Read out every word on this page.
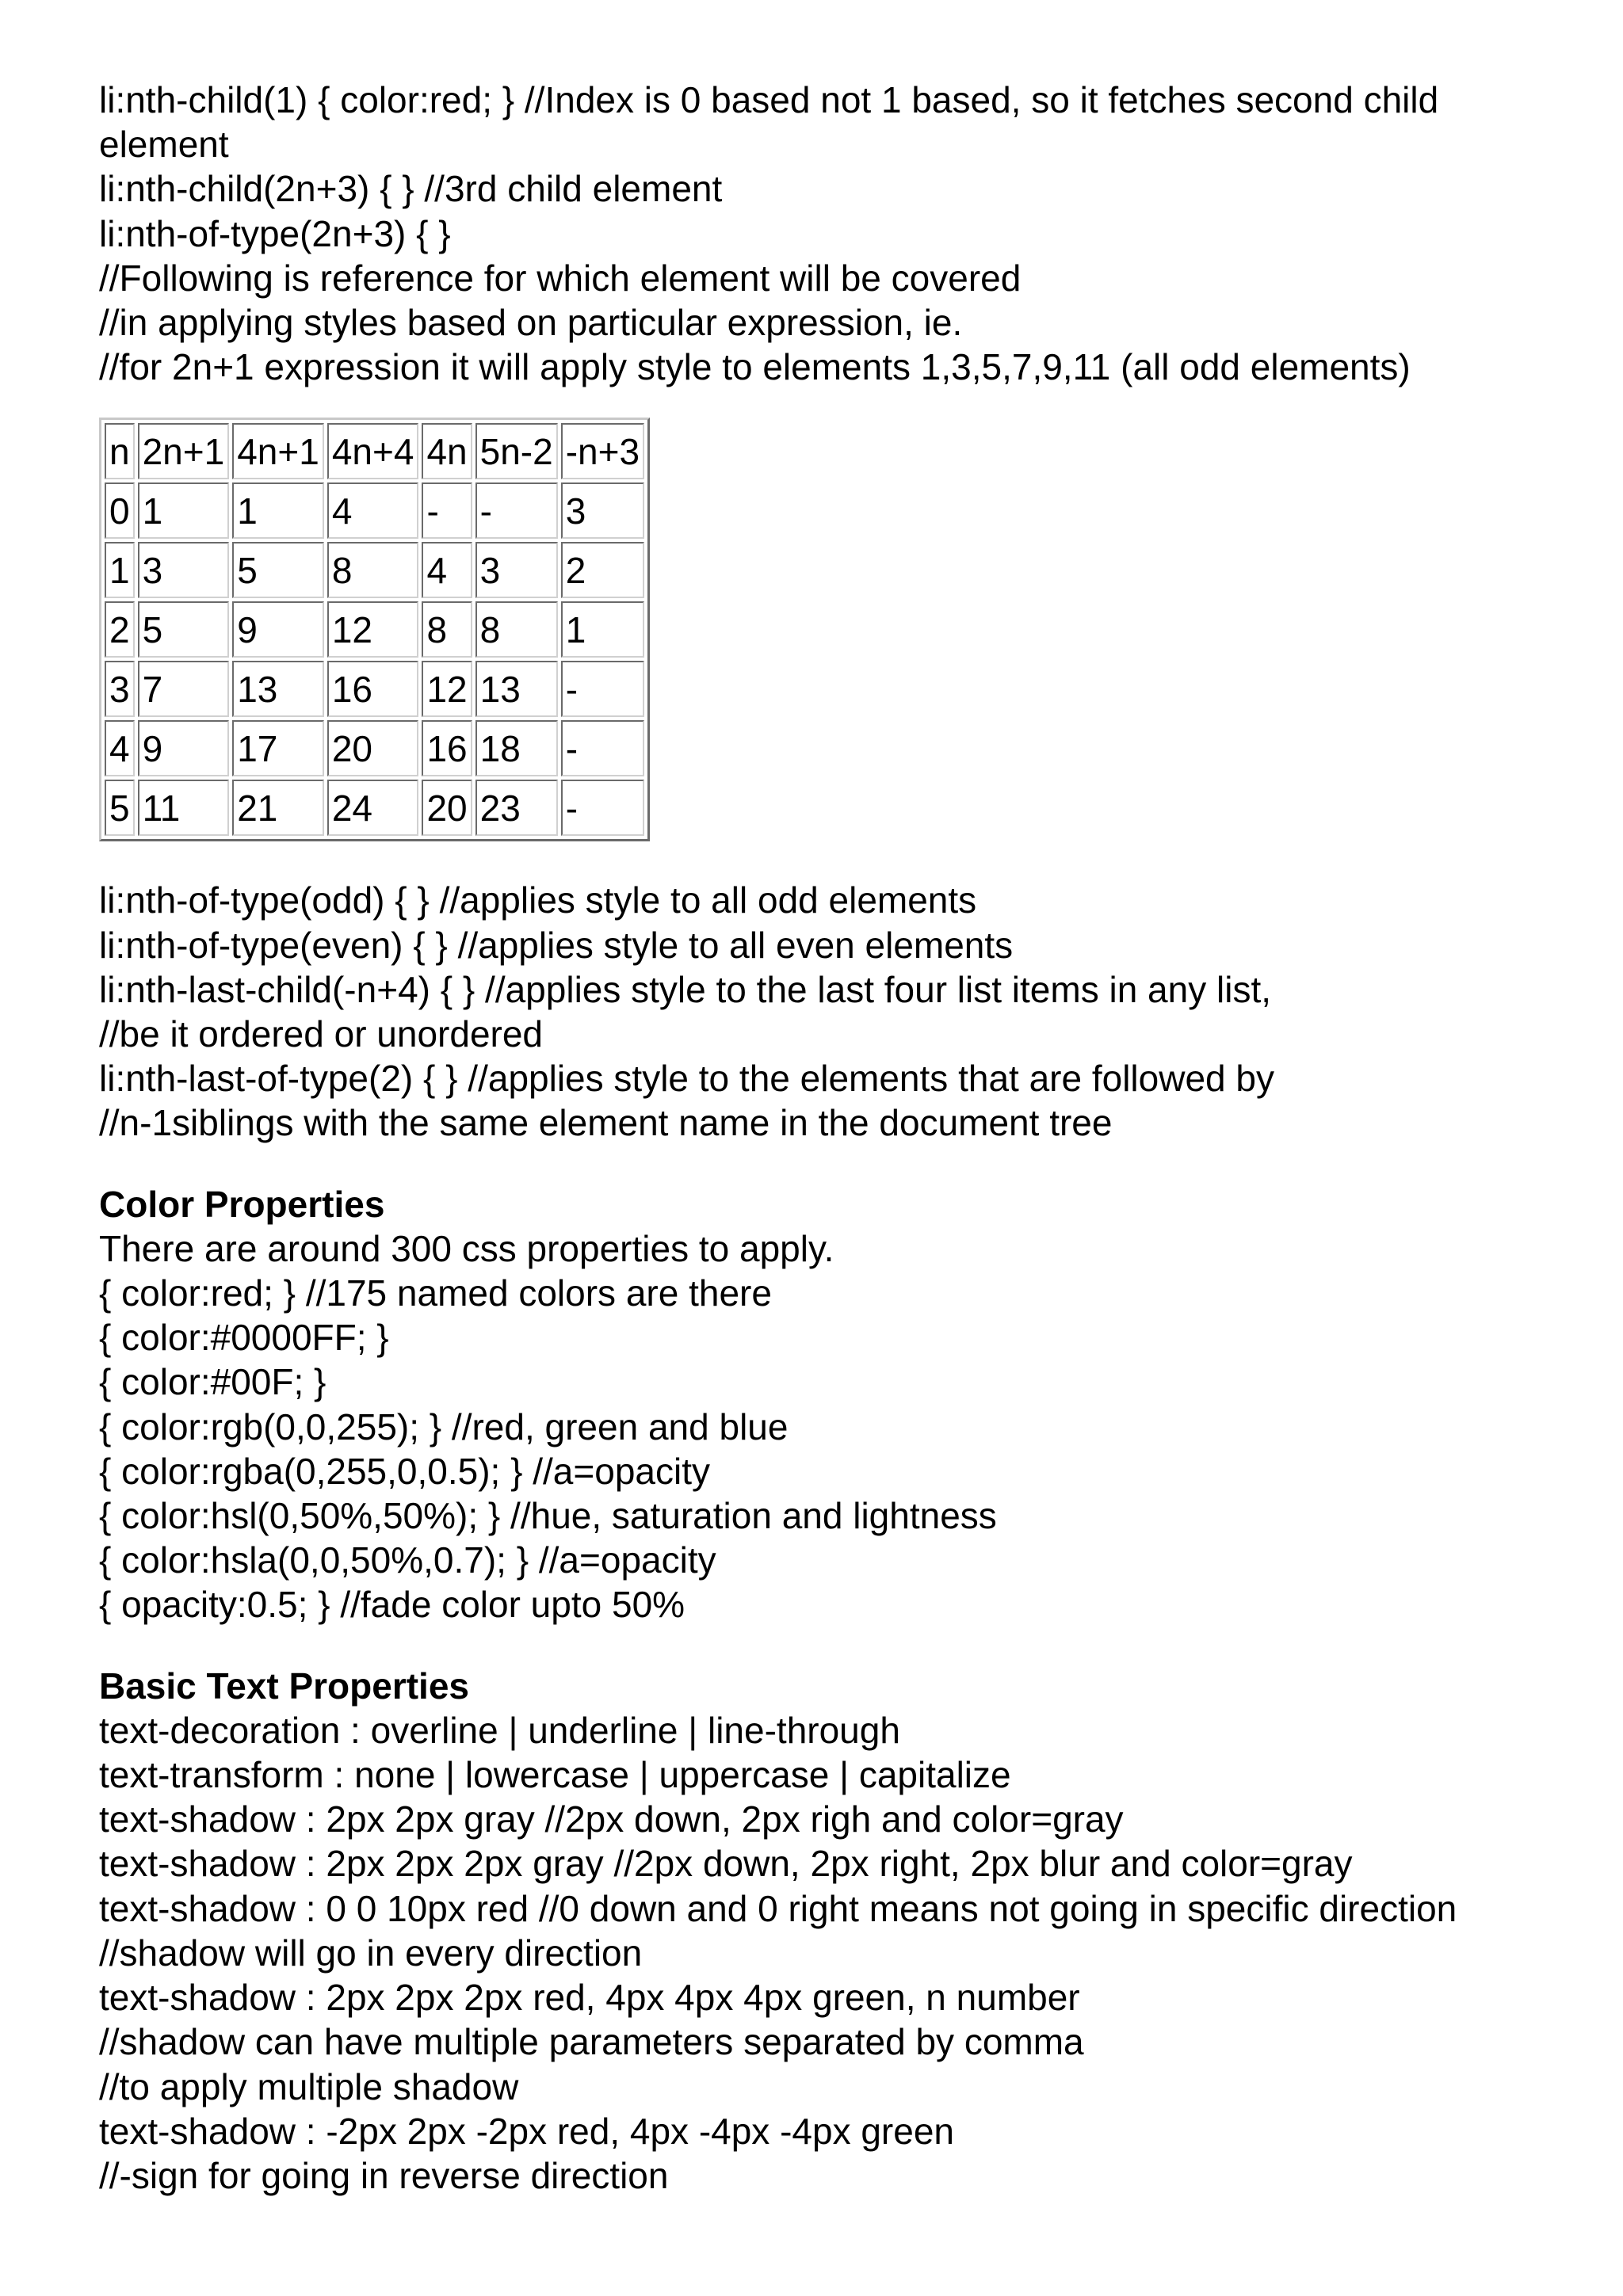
li:nth-child(1) { color:red; } //Index is 0 based not 1 based, so it fetches second child element

li:nth-child(2n+3) { } //3rd child element

li:nth-of-type(2n+3) { }

//Following is reference for which element will be covered

//in applying styles based on particular expression, ie.

//for 2n+1 expression it will apply style to elements 1,3,5,7,9,11 (all odd elements)

n	2n+1	4n+1	4n+4	4n	5n-2	-n+3
0	1	1	4	-	-	3
1	3	5	8	4	3	2
2	5	9	12	8	8	1
3	7	13	16	12	13	-
4	9	17	20	16	18	-
5	11	21	24	20	23	-

li:nth-of-type(odd) { } //applies style to all odd elements

li:nth-of-type(even) { } //applies style to all even elements

li:nth-last-child(-n+4) { } //applies style to the last four list items in any list,

//be it ordered or unordered

li:nth-last-of-type(2) { } //applies style to the elements that are followed by

//n-1siblings with the same element name in the document tree

Color Properties

There are around 300 css properties to apply.

{ color:red; } //175 named colors are there

{ color:#0000FF; }

{ color:#00F; }

{ color:rgb(0,0,255); } //red, green and blue

{ color:rgba(0,255,0,0.5); } //a=opacity

{ color:hsl(0,50%,50%); } //hue, saturation and lightness

{ color:hsla(0,0,50%,0.7); } //a=opacity

{ opacity:0.5; } //fade color upto 50%

Basic Text Properties

text-decoration : overline | underline | line-through

text-transform : none | lowercase | uppercase | capitalize

text-shadow : 2px 2px gray //2px down, 2px righ and color=gray

text-shadow : 2px 2px 2px gray //2px down, 2px right, 2px blur and color=gray

text-shadow : 0 0 10px red //0 down and 0 right means not going in specific direction

//shadow will go in every direction

text-shadow : 2px 2px 2px red, 4px 4px 4px green, n number

//shadow can have multiple parameters separated by comma

//to apply multiple shadow

text-shadow : -2px 2px -2px red, 4px -4px -4px green

//-sign for going in reverse direction
